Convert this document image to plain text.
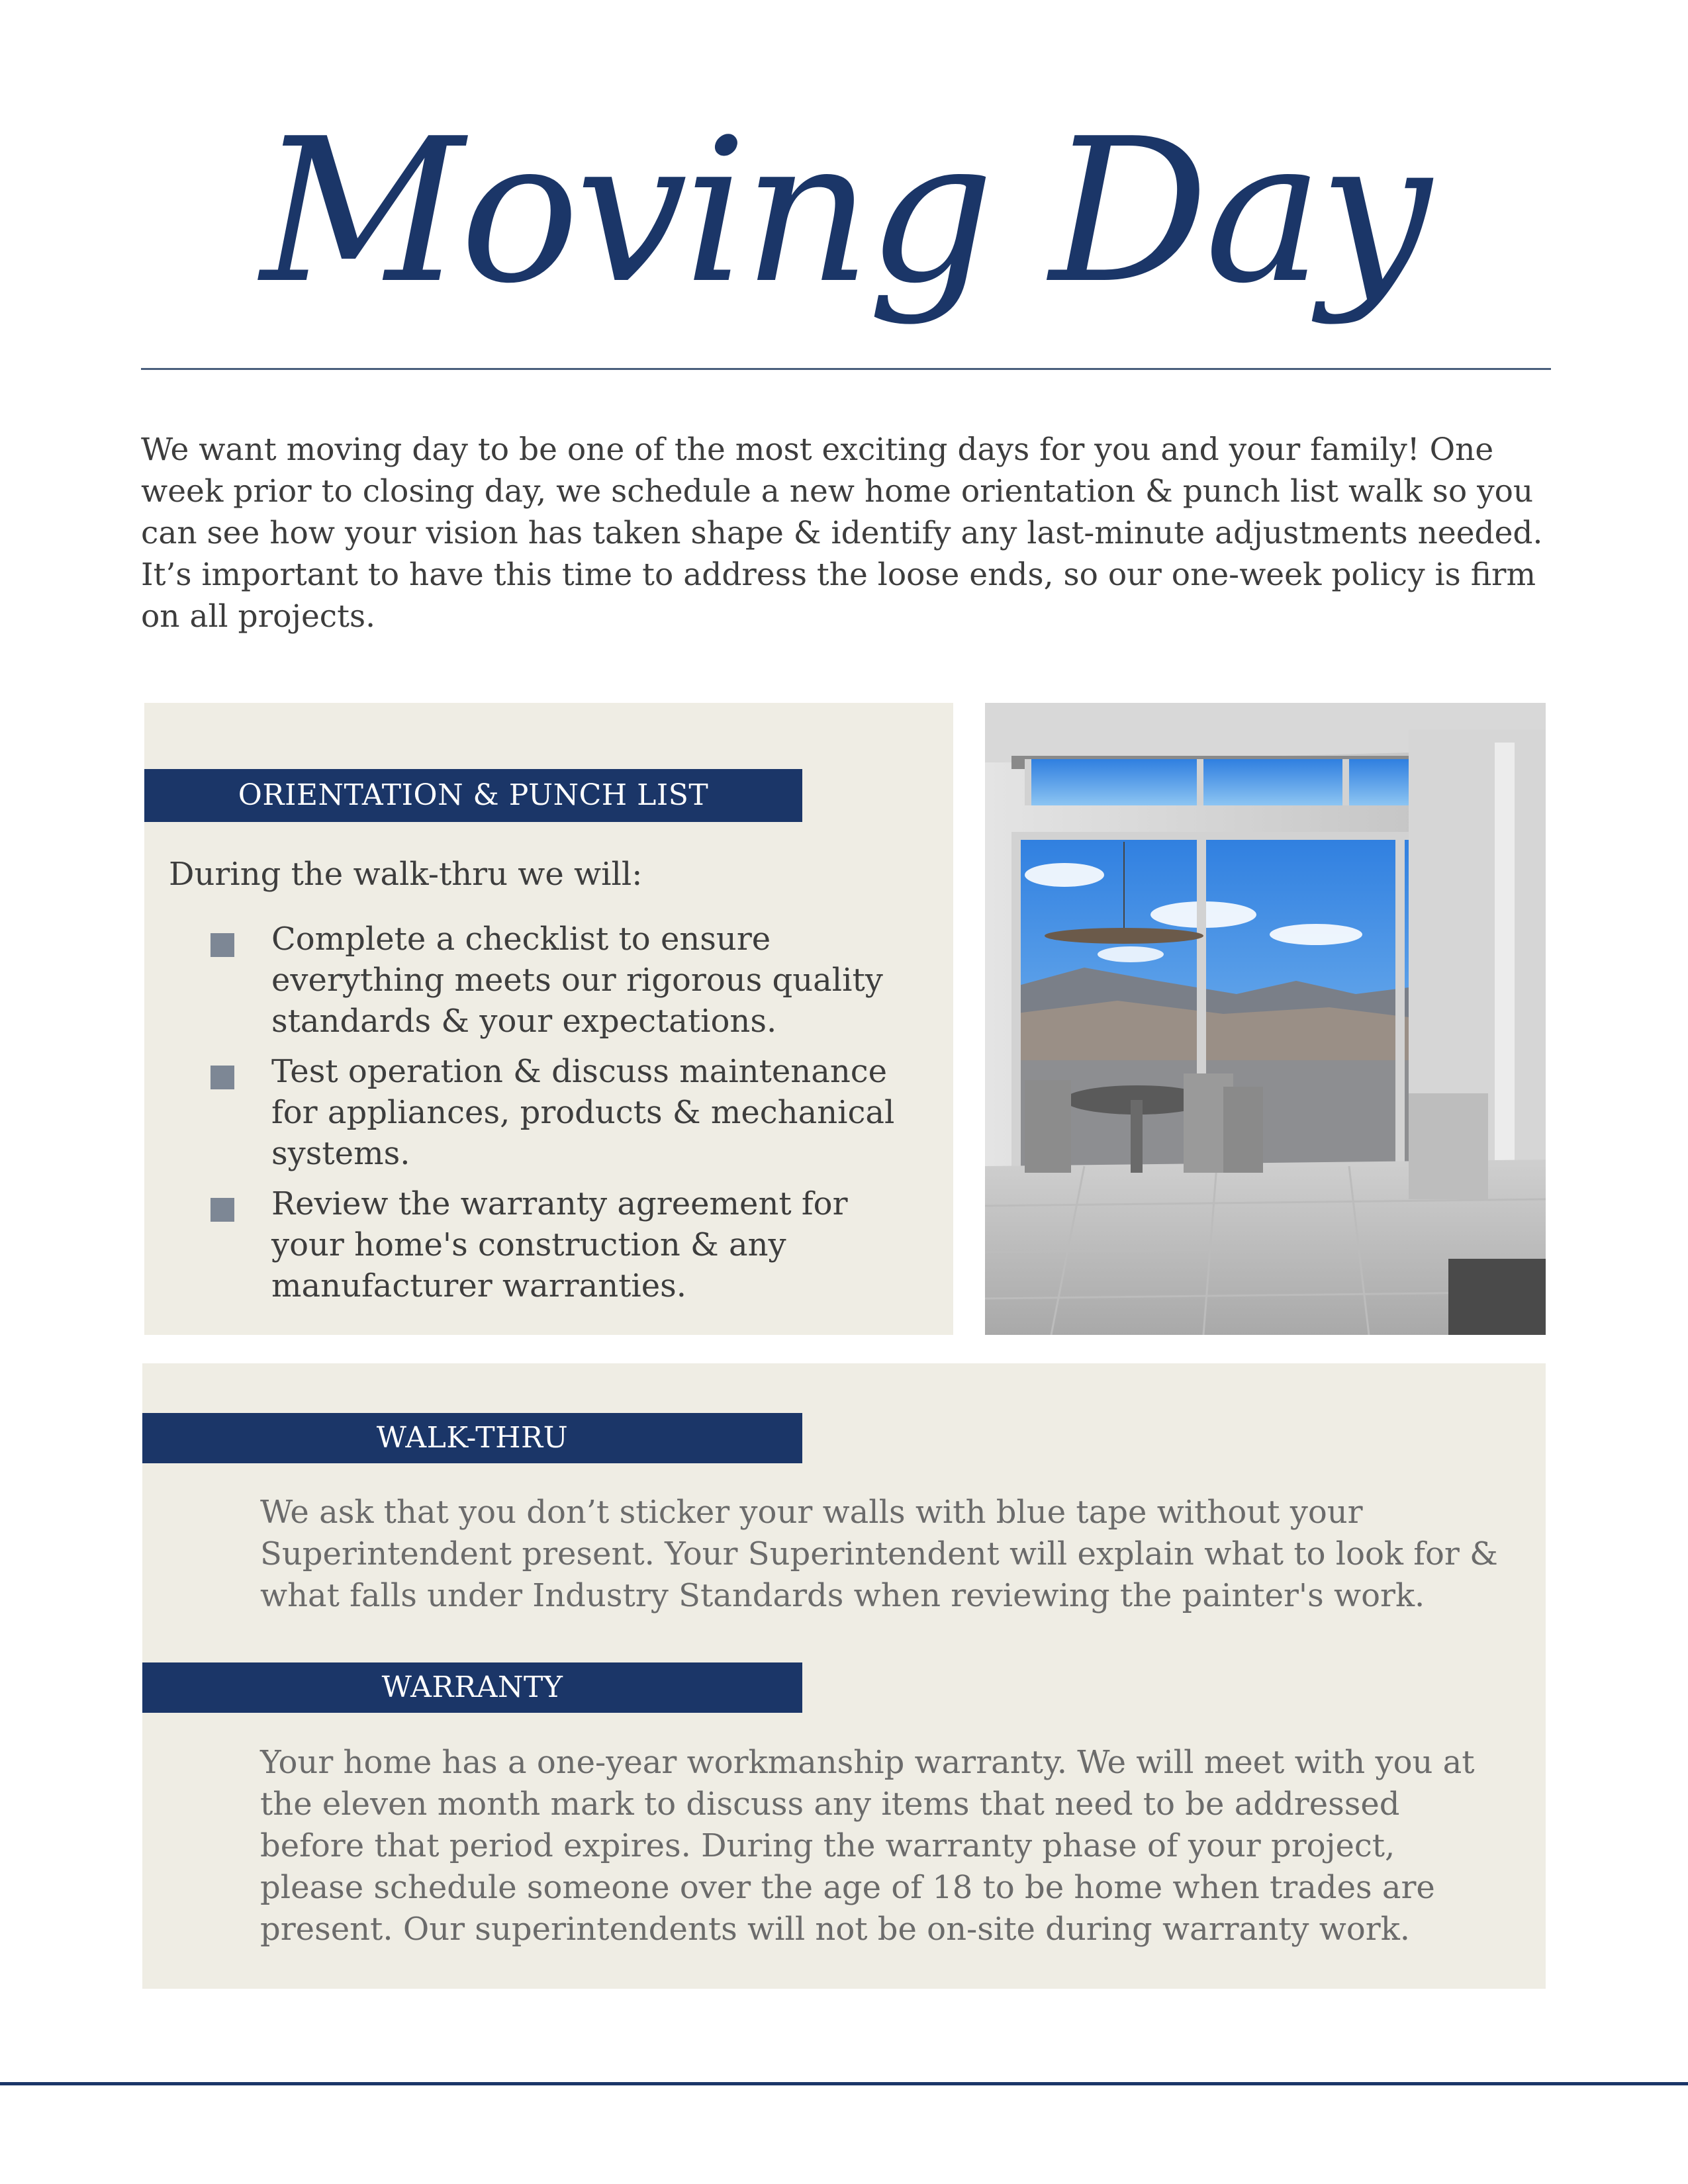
Moving Day
We want moving day to be one of the most exciting days for you and your family! One week prior to closing day, we schedule a new home orientation & punch list walk so you can see how your vision has taken shape & identify any last-minute adjustments needed. It’s important to have this time to address the loose ends, so our one-week policy is firm on all projects.
ORIENTATION & PUNCH LIST
During the walk-thru we will:
Complete a checklist to ensure everything meets our rigorous quality standards & your expectations.
Test operation & discuss maintenance for appliances, products & mechanical systems.
Review the warranty agreement for your home's construction & any manufacturer warranties.
WALK-THRU
We ask that you don’t sticker your walls with blue tape without your Superintendent present. Your Superintendent will explain what to look for & what falls under Industry Standards when reviewing the painter's work.
WARRANTY
Your home has a one-year workmanship warranty. We will meet with you at the eleven month mark to discuss any items that need to be addressed before that period expires. During the warranty phase of your project, please schedule someone over the age of 18 to be home when trades are present. Our superintendents will not be on-site during warranty work.
